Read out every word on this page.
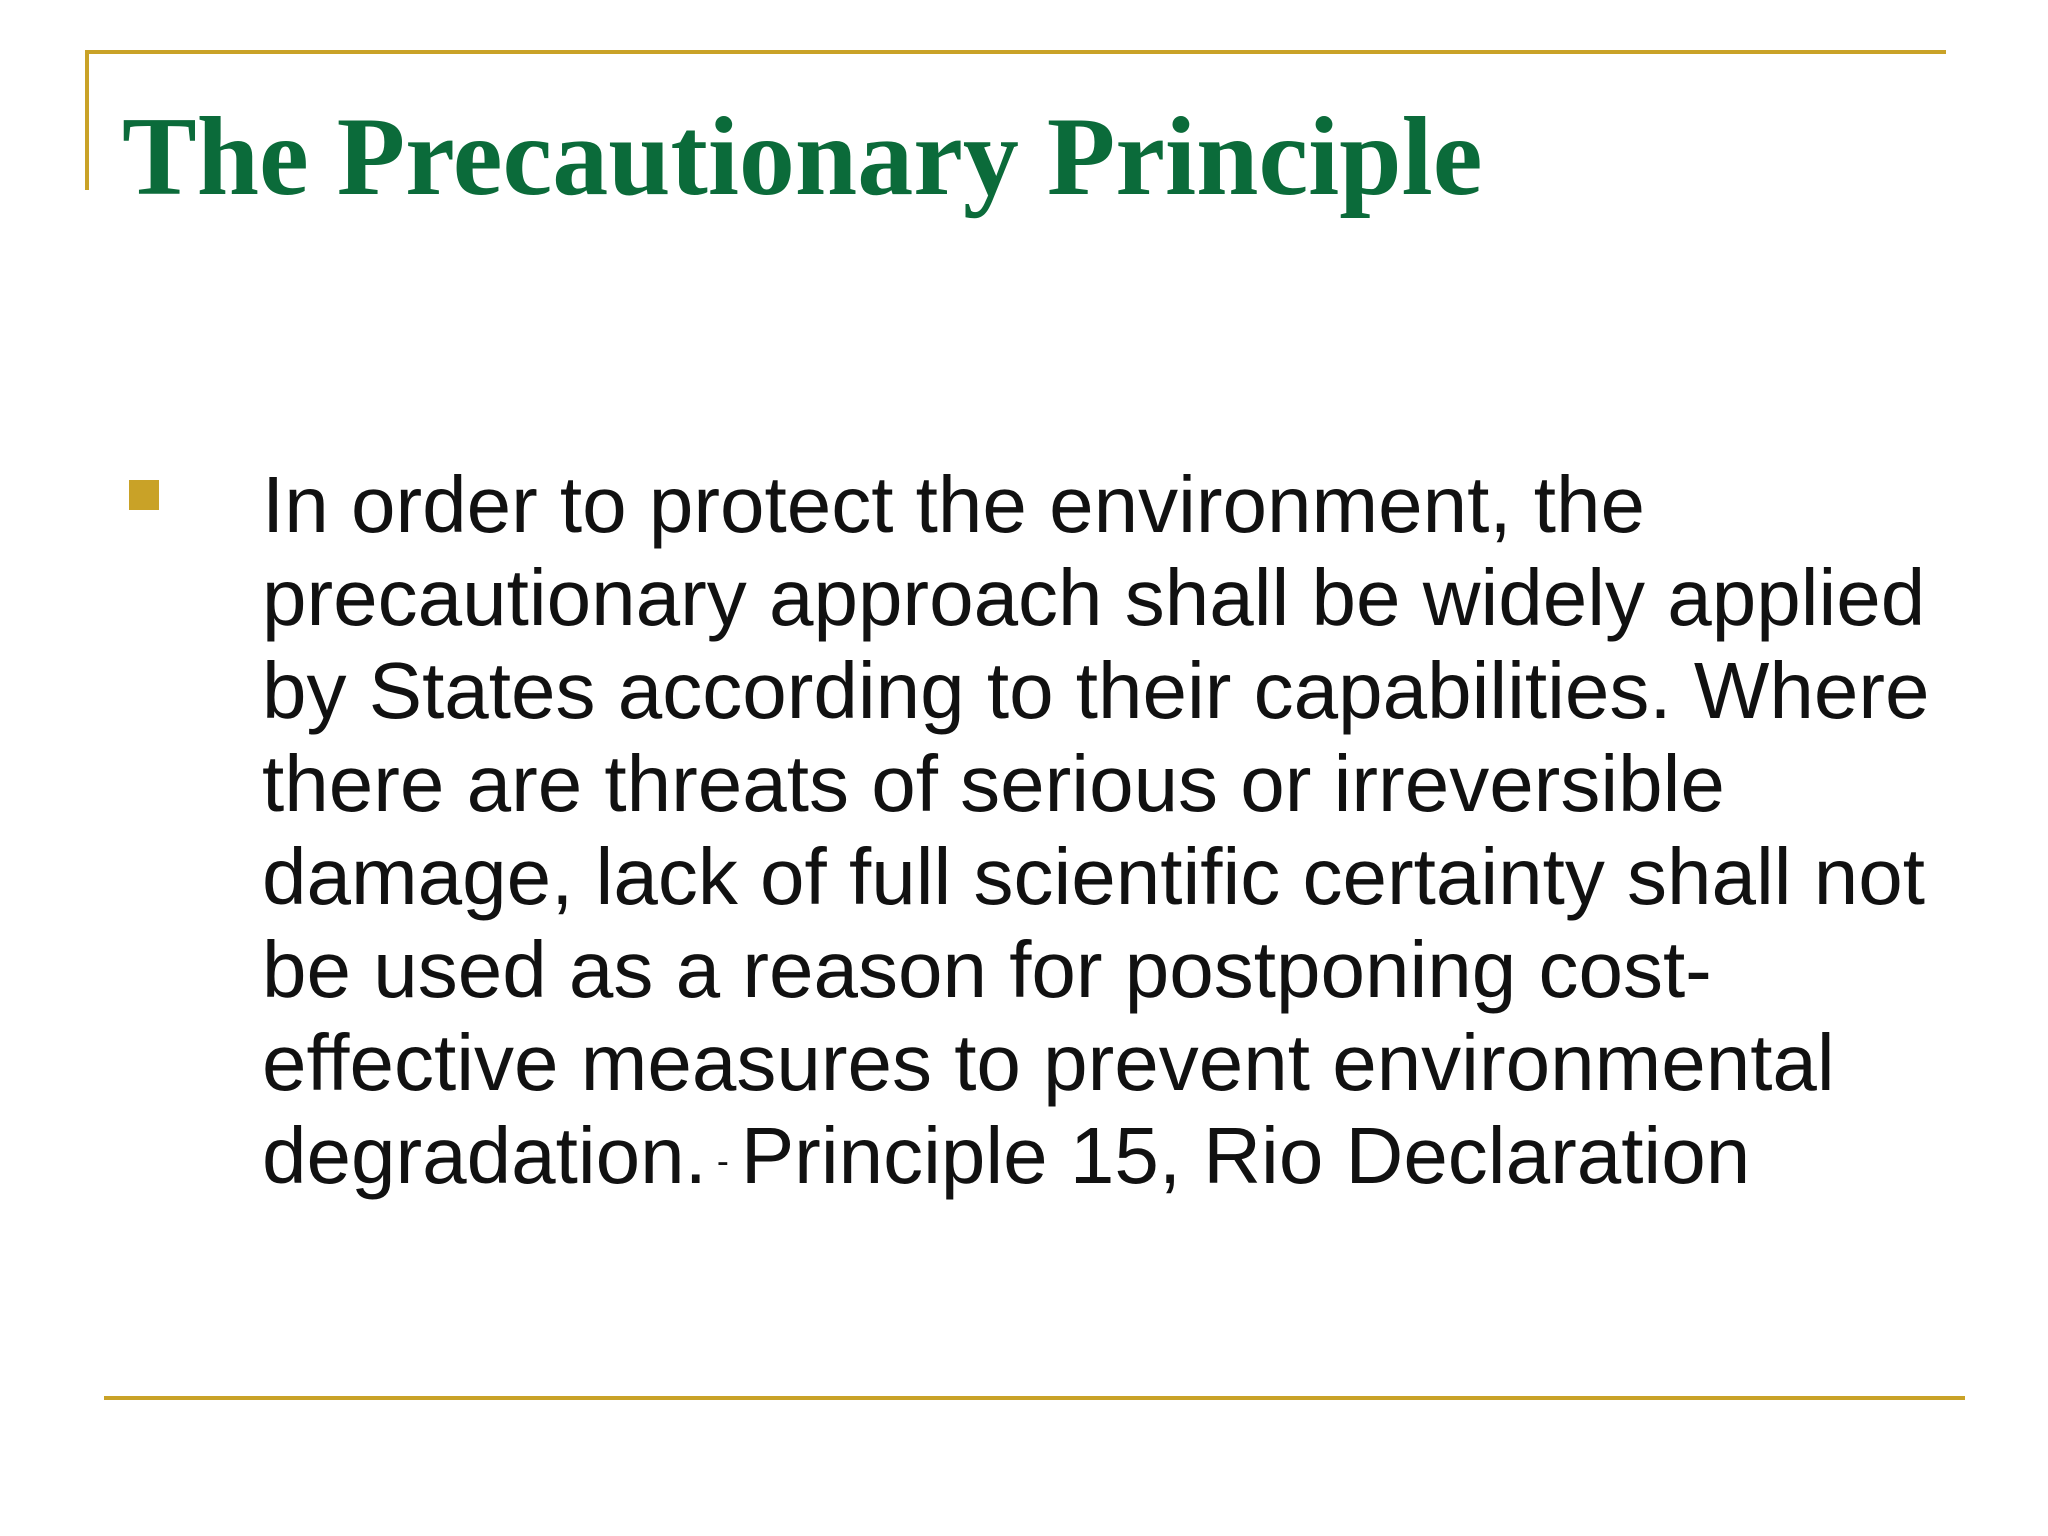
The Precautionary Principle

In order to protect the environment, the precautionary approach shall be widely applied by States according to their capabilities. Where there are threats of serious or irreversible damage, lack of full scientific certainty shall not be used as a reason for postponing cost-effective measures to prevent environmental degradation. - Principle 15, Rio Declaration
